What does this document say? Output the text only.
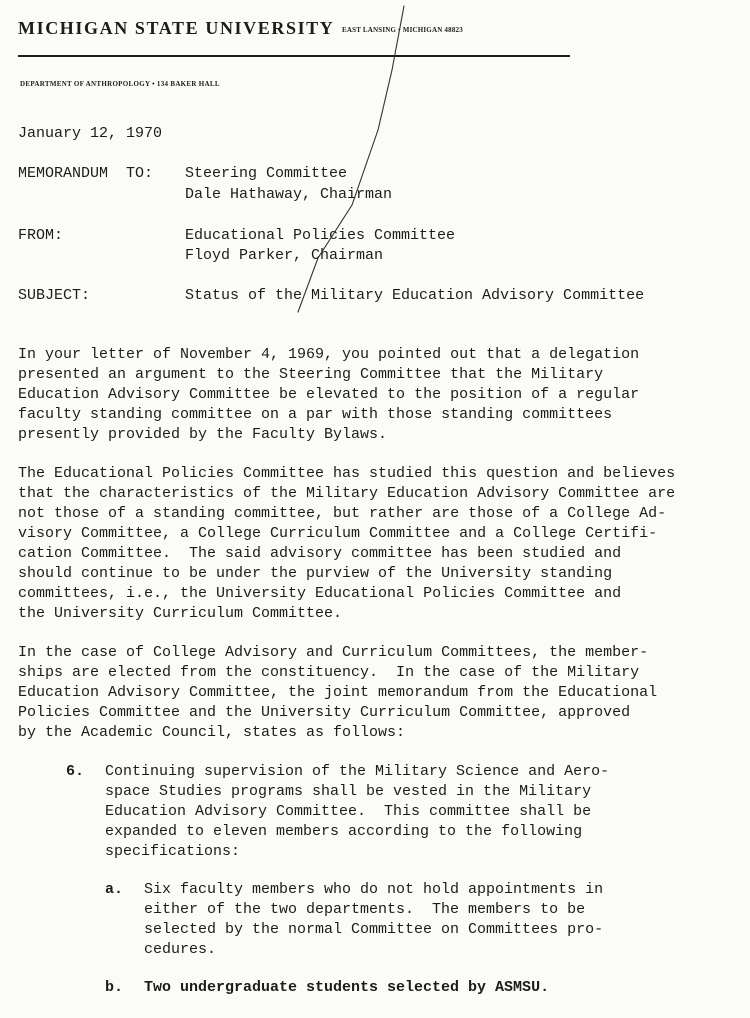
MICHIGAN STATE UNIVERSITY EAST LANSING • MICHIGAN 48823
DEPARTMENT OF ANTHROPOLOGY • 134 BAKER HALL
January 12, 1970
MEMORANDUM  TO: Steering Committee
Dale Hathaway, Chairman
FROM:	Educational Policies Committee
Floyd Parker, Chairman
SUBJECT:	Status of the Military Education Advisory Committee
In your letter of November 4, 1969, you pointed out that a delegation
presented an argument to the Steering Committee that the Military
Education Advisory Committee be elevated to the position of a regular
faculty standing committee on a par with those standing committees
presently provided by the Faculty Bylaws.
The Educational Policies Committee has studied this question and believes
that the characteristics of the Military Education Advisory Committee are
not those of a standing committee, but rather are those of a College Ad-
visory Committee, a College Curriculum Committee and a College Certifi-
cation Committee.  The said advisory committee has been studied and
should continue to be under the purview of the University standing
committees, i.e., the University Educational Policies Committee and
the University Curriculum Committee.
In the case of College Advisory and Curriculum Committees, the member-
ships are elected from the constituency.  In the case of the Military
Education Advisory Committee, the joint memorandum from the Educational
Policies Committee and the University Curriculum Committee, approved
by the Academic Council, states as follows:
6. Continuing supervision of the Military Science and Aero-
space Studies programs shall be vested in the Military
Education Advisory Committee.  This committee shall be
expanded to eleven members according to the following
specifications:
a. Six faculty members who do not hold appointments in
either of the two departments.  The members to be
selected by the normal Committee on Committees pro-
cedures.
b. Two undergraduate students selected by ASMSU.
